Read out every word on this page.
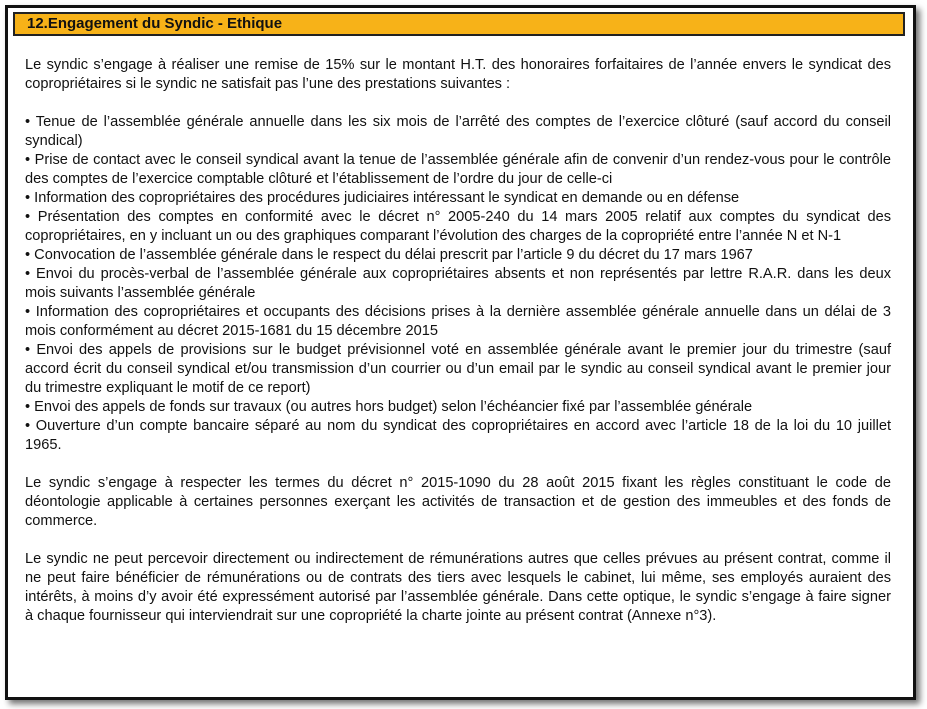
12.Engagement du Syndic - Ethique

Le syndic s’engage à réaliser une remise de 15% sur le montant H.T. des honoraires forfaitaires de l’année envers le syndicat des copropriétaires si le syndic ne satisfait pas l’une des prestations suivantes :

• Tenue de l’assemblée générale annuelle dans les six mois de l’arrêté des comptes de l’exercice clôturé (sauf accord du conseil syndical)

• Prise de contact avec le conseil syndical avant la tenue de l’assemblée générale afin de convenir d’un rendez-vous pour le contrôle des comptes de l’exercice comptable clôturé et l’établissement de l’ordre du jour de celle-ci

• Information des copropriétaires des procédures judiciaires intéressant le syndicat en demande ou en défense

• Présentation des comptes en conformité avec le décret n° 2005-240 du 14 mars 2005 relatif aux comptes du syndicat des copropriétaires, en y incluant un ou des graphiques comparant l’évolution des charges de la copropriété entre l’année N et N-1

• Convocation de l’assemblée générale dans le respect du délai prescrit par l’article 9 du décret du 17 mars 1967

• Envoi du procès-verbal de l’assemblée générale aux copropriétaires absents et non représentés par lettre R.A.R. dans les deux mois suivants l’assemblée générale

• Information des copropriétaires et occupants des décisions prises à la dernière assemblée générale annuelle dans un délai de 3 mois conformément au décret 2015-1681 du 15 décembre 2015

• Envoi des appels de provisions sur le budget prévisionnel voté en assemblée générale avant le premier jour du trimestre (sauf accord écrit du conseil syndical et/ou transmission d’un courrier ou d’un email par le syndic au conseil syndical avant le premier jour du trimestre expliquant le motif de ce report)

• Envoi des appels de fonds sur travaux (ou autres hors budget) selon l’échéancier fixé par l’assemblée générale

• Ouverture d’un compte bancaire séparé au nom du syndicat des copropriétaires en accord avec l’article 18 de la loi du 10 juillet 1965.

Le syndic s’engage à respecter les termes du décret n° 2015-1090 du 28 août 2015 fixant les règles constituant le code de déontologie applicable à certaines personnes exerçant les activités de transaction et de gestion des immeubles et des fonds de commerce.

Le syndic ne peut percevoir directement ou indirectement de rémunérations autres que celles prévues au présent contrat, comme il ne peut faire bénéficier de rémunérations ou de contrats des tiers avec lesquels le cabinet, lui même, ses employés auraient des intérêts, à moins d’y avoir été expressément autorisé par l’assemblée générale. Dans cette optique, le syndic s’engage à faire signer à chaque fournisseur qui interviendrait sur une copropriété la charte jointe au présent contrat (Annexe n°3).
